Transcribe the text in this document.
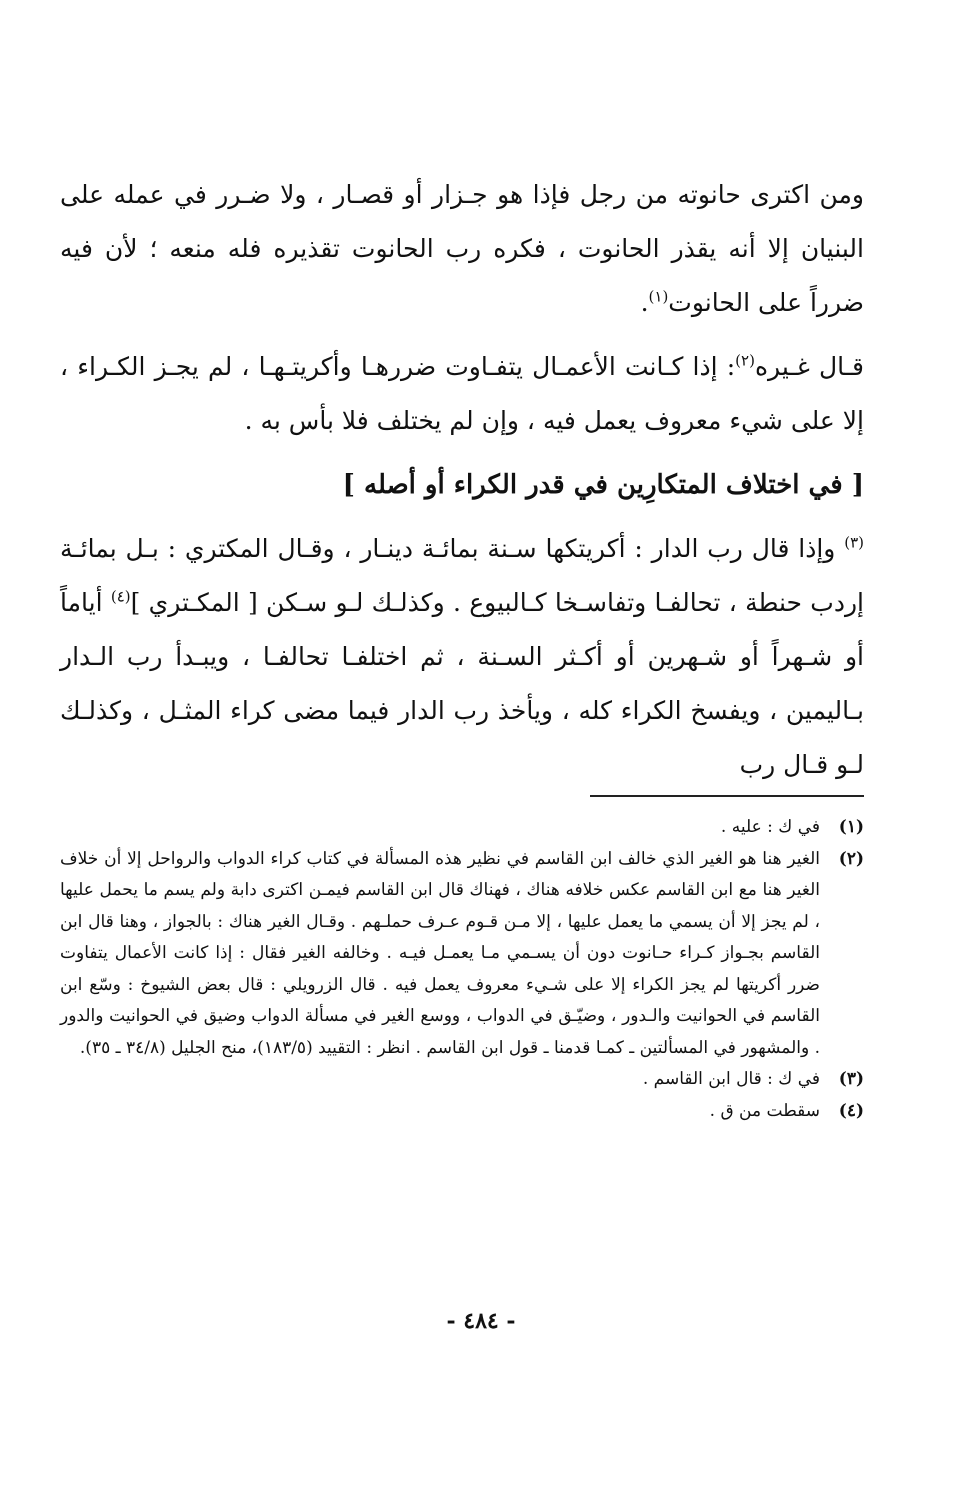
ومن اكترى حانوته من رجل فإذا هو جـزار أو قصـار ، ولا ضـرر في عمله على البنيان إلا أنه يقذر الحانوت ، فكره رب الحانوت تقذيره فله منعه ؛ لأن فيه ضرراً على الحانوت$^{(١)}$.

قـال غـيره$^{(٢)}$: إذا كـانت الأعمـال يتفـاوت ضررهـا وأكريتـهـا ، لم يجـز الكـراء ، إلا على شيء معروف يعمل فيه ، وإن لم يختلف فلا بأس به .

[ في اختلاف المتكارِين في قدر الكراء أو أصله ]

$^{(٣)}$ وإذا قال رب الدار : أكريتكها سـنة بمائـة دينـار ، وقـال المكتري : بـل بمائـة إردب حنطة ، تحالفـا وتفاسـخا كـالبيوع . وكذلـك لـو سـكن [ المكـتري ]$^{(٤)}$ أياماً أو شـهراً أو شـهرين أو أكـثر السـنة ، ثم اختلفـا تحالفـا ، ويبـدأ رب الـدار بـاليمين ، ويفسخ الكراء كله ، ويأخذ رب الدار فيما مضى كراء المثـل ، وكذلـك لـو قـال رب

(١)
في ك : عليه .
(٢)
الغير هنا هو الغير الذي خالف ابن القاسم في نظير هذه المسألة في كتاب كراء الدواب والرواحل إلا أن خلاف الغير هنا مع ابن القاسم عكس خلافه هناك ، فهناك قال ابن القاسم فيمـن اكترى دابة ولم يسم ما يحمل عليها ، لم يجز إلا أن يسمي ما يعمل عليها ، إلا مـن قـوم عـرف حملـهم . وقـال الغير هناك : بالجواز ، وهنا قال ابن القاسم بجـواز كـراء حـانوت دون أن يسـمي مـا يعمـل فيـه . وخالفه الغير فقال : إذا كانت الأعمال يتفاوت ضرر أكريتها لم يجز الكراء إلا على شـيء معروف يعمل فيه . قال الزرويلي : قال بعض الشيوخ : وسّع ابن القاسم في الحوانيت والـدور ، وضيّـق في الدواب ، ووسع الغير في مسألة الدواب وضيق في الحوانيت والدور . والمشهور في المسألتين ـ كمـا قدمنا ـ قول ابن القاسم . انظر : التقييد (١٨٣/٥)، منح الجليل (٣٤/٨ ـ ٣٥).
(٣)
في ك : قال ابن القاسم .
(٤)
سقطت من ق .
- ٤٨٤ -
